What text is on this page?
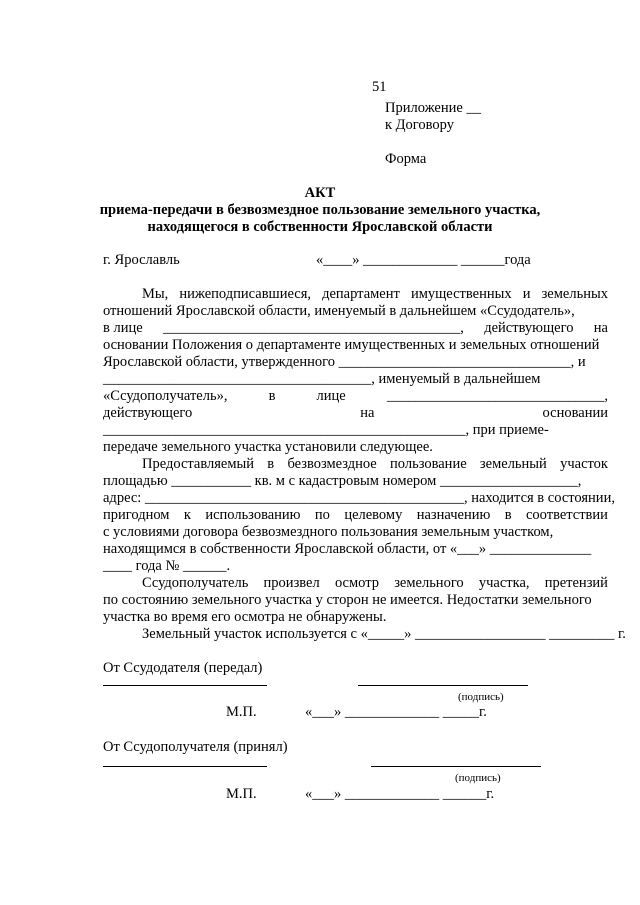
51
Приложение __
к Договору
Форма
АКТ
приема-передачи в безвозмездное пользование земельного участка,
находящегося в собственности Ярославской области
г. Ярославль	«____» _____________ ______года
Мы, нижеподписавшиеся, департамент имущественных и земельных
отношений Ярославской области, именуемый в дальнейшем «Ссудодатель»,
в лице _________________________________________, действующего на
основании Положения о департаменте имущественных и земельных отношений
Ярославской области, утвержденного ________________________________, и
_____________________________________, именуемый в дальнейшем
«Ссудополучатель»,	в	лице	______________________________,
действующего	на	основании
__________________________________________________, при приеме-
передаче земельного участка установили следующее.
Предоставляемый в безвозмездное пользование земельный участок
площадью ___________ кв. м с кадастровым номером ___________________,
адрес: ____________________________________________, находится в состоянии,
пригодном к использованию по целевому назначению в соответствии
с условиями договора безвозмездного пользования земельным участком,
находящимся в собственности Ярославской области, от «___» ______________
____ года № ______.
Ссудополучатель произвел осмотр земельного участка, претензий
по состоянию земельного участка у сторон не имеется. Недостатки земельного
участка во время его осмотра не обнаружены.
Земельный участок используется с «_____» __________________ _________ г.
От Ссудодателя (передал)
(подпись)
М.П.	«___» _____________ _____г.
От Ссудополучателя (принял)
(подпись)
М.П.	«___» _____________ ______г.
